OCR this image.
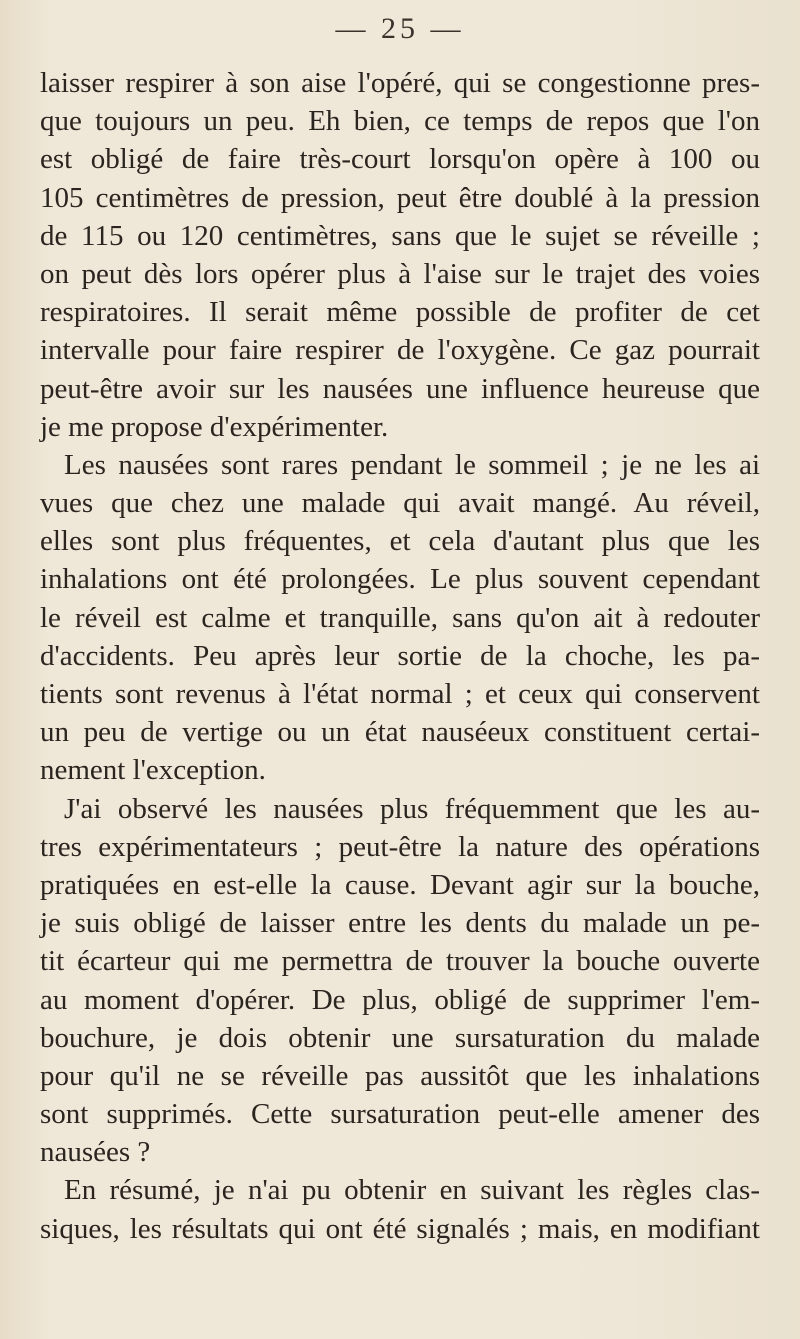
— 25 —
laisser respirer à son aise l'opéré, qui se congestionne pres-
que toujours un peu. Eh bien, ce temps de repos que l'on
est obligé de faire très-court lorsqu'on opère à 100 ou
105 centimètres de pression, peut être doublé à la pression
de 115 ou 120 centimètres, sans que le sujet se réveille ;
on peut dès lors opérer plus à l'aise sur le trajet des voies
respiratoires. Il serait même possible de profiter de cet
intervalle pour faire respirer de l'oxygène. Ce gaz pourrait
peut-être avoir sur les nausées une influence heureuse que
je me propose d'expérimenter.
Les nausées sont rares pendant le sommeil ; je ne les ai
vues que chez une malade qui avait mangé. Au réveil,
elles sont plus fréquentes, et cela d'autant plus que les
inhalations ont été prolongées. Le plus souvent cependant
le réveil est calme et tranquille, sans qu'on ait à redouter
d'accidents. Peu après leur sortie de la choche, les pa-
tients sont revenus à l'état normal ; et ceux qui conservent
un peu de vertige ou un état nauséeux constituent certai-
nement l'exception.
J'ai observé les nausées plus fréquemment que les au-
tres expérimentateurs ; peut-être la nature des opérations
pratiquées en est-elle la cause. Devant agir sur la bouche,
je suis obligé de laisser entre les dents du malade un pe-
tit écarteur qui me permettra de trouver la bouche ouverte
au moment d'opérer. De plus, obligé de supprimer l'em-
bouchure, je dois obtenir une sursaturation du malade
pour qu'il ne se réveille pas aussitôt que les inhalations
sont supprimés. Cette sursaturation peut-elle amener des
nausées ?
En résumé, je n'ai pu obtenir en suivant les règles clas-
siques, les résultats qui ont été signalés ; mais, en modifiant
